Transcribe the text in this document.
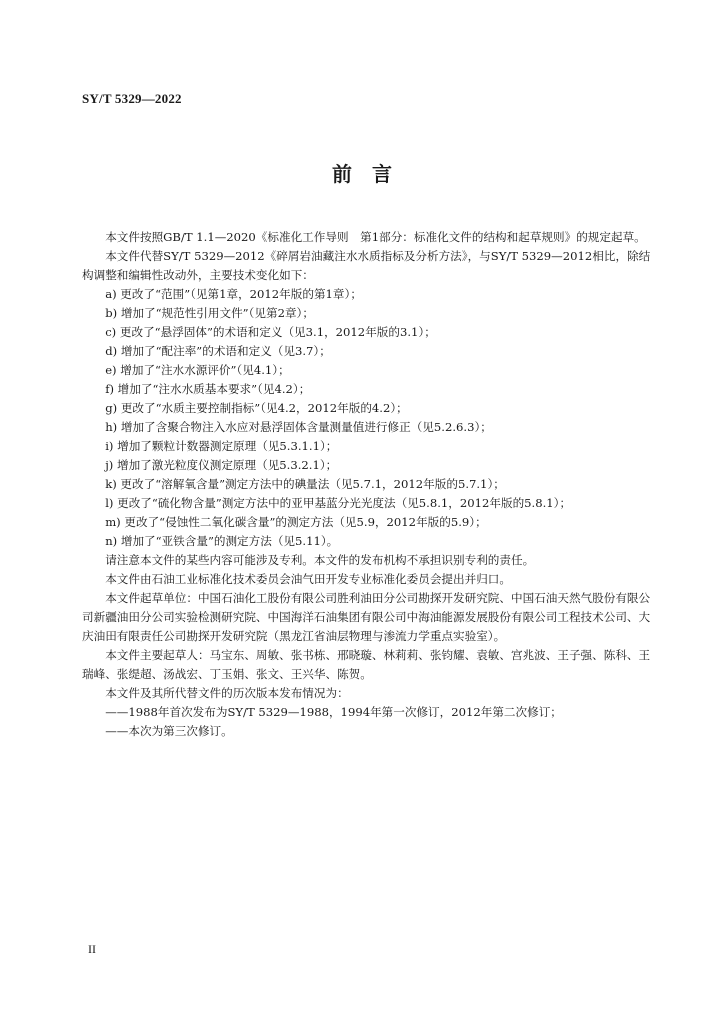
SY/T 5329—2022
前　言

本文件按照GB/T 1.1—2020《标准化工作导则　第1部分：标准化文件的结构和起草规则》的规定起草。

本文件代替SY/T 5329—2012《碎屑岩油藏注水水质指标及分析方法》，与SY/T 5329—2012相比，除结构调整和编辑性改动外，主要技术变化如下：

a) 更改了“范围”（见第1章，2012年版的第1章）；

b) 增加了“规范性引用文件”（见第2章）；

c) 更改了“悬浮固体”的术语和定义（见3.1，2012年版的3.1）；

d) 增加了“配注率”的术语和定义（见3.7）；

e) 增加了“注水水源评价”（见4.1）；

f) 增加了“注水水质基本要求”（见4.2）；

g) 更改了“水质主要控制指标”（见4.2，2012年版的4.2）；

h) 增加了含聚合物注入水应对悬浮固体含量测量值进行修正（见5.2.6.3）；

i) 增加了颗粒计数器测定原理（见5.3.1.1）；

j) 增加了激光粒度仪测定原理（见5.3.2.1）；

k) 更改了“溶解氧含量”测定方法中的碘量法（见5.7.1，2012年版的5.7.1）；

l) 更改了“硫化物含量”测定方法中的亚甲基蓝分光光度法（见5.8.1，2012年版的5.8.1）；

m) 更改了“侵蚀性二氧化碳含量”的测定方法（见5.9，2012年版的5.9）；

n) 增加了“亚铁含量”的测定方法（见5.11）。

请注意本文件的某些内容可能涉及专利。本文件的发布机构不承担识别专利的责任。

本文件由石油工业标准化技术委员会油气田开发专业标准化委员会提出并归口。

本文件起草单位：中国石油化工股份有限公司胜利油田分公司勘探开发研究院、中国石油天然气股份有限公司新疆油田分公司实验检测研究院、中国海洋石油集团有限公司中海油能源发展股份有限公司工程技术公司、大庆油田有限责任公司勘探开发研究院（黑龙江省油层物理与渗流力学重点实验室）。

本文件主要起草人：马宝东、周敏、张书栋、邢晓璇、林莉莉、张钧耀、袁敏、宫兆波、王子强、陈科、王瑞峰、张缇超、汤战宏、丁玉娟、张文、王兴华、陈贺。

本文件及其所代替文件的历次版本发布情况为：

——1988年首次发布为SY/T 5329—1988，1994年第一次修订，2012年第二次修订；

——本次为第三次修订。

II
